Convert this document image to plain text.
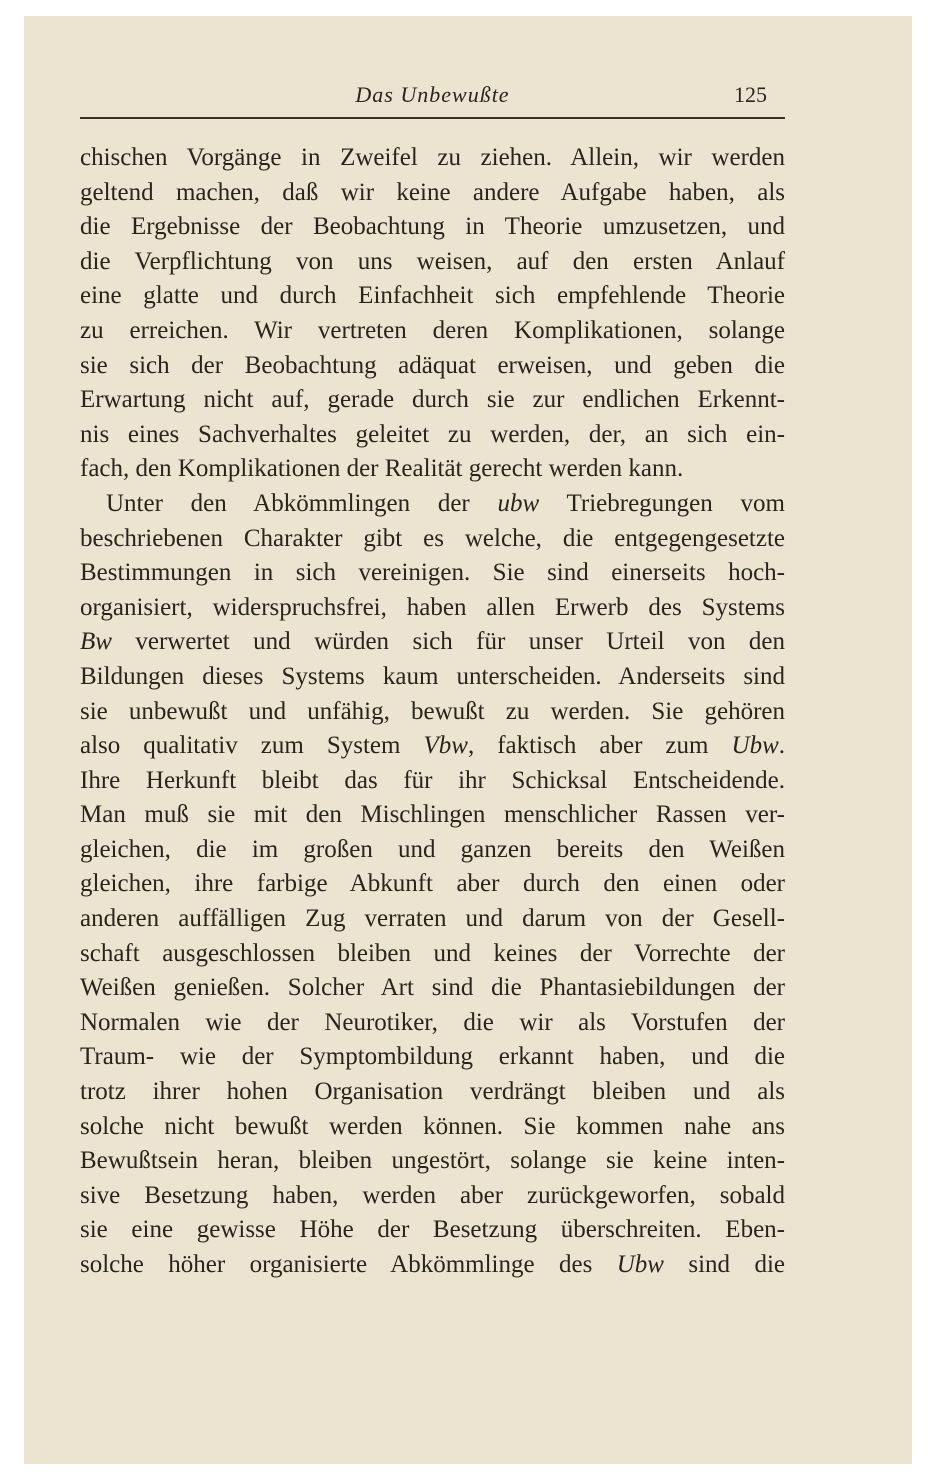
Das Unbewußte	125
chischen Vorgänge in Zweifel zu ziehen. Allein, wir werden
geltend machen, daß wir keine andere Aufgabe haben, als
die Ergebnisse der Beobachtung in Theorie umzusetzen, und
die Verpflichtung von uns weisen, auf den ersten Anlauf
eine glatte und durch Einfachheit sich empfehlende Theorie
zu erreichen. Wir vertreten deren Komplikationen, solange
sie sich der Beobachtung adäquat erweisen, und geben die
Erwartung nicht auf, gerade durch sie zur endlichen Erkennt-
nis eines Sachverhaltes geleitet zu werden, der, an sich ein-
fach, den Komplikationen der Realität gerecht werden kann.
Unter den Abkömmlingen der ubw Triebregungen vom
beschriebenen Charakter gibt es welche, die entgegengesetzte
Bestimmungen in sich vereinigen. Sie sind einerseits hoch-
organisiert, widerspruchsfrei, haben allen Erwerb des Systems
Bw verwertet und würden sich für unser Urteil von den
Bildungen dieses Systems kaum unterscheiden. Anderseits sind
sie unbewußt und unfähig, bewußt zu werden. Sie gehören
also qualitativ zum System Vbw, faktisch aber zum Ubw.
Ihre Herkunft bleibt das für ihr Schicksal Entscheidende.
Man muß sie mit den Mischlingen menschlicher Rassen ver-
gleichen, die im großen und ganzen bereits den Weißen
gleichen, ihre farbige Abkunft aber durch den einen oder
anderen auffälligen Zug verraten und darum von der Gesell-
schaft ausgeschlossen bleiben und keines der Vorrechte der
Weißen genießen. Solcher Art sind die Phantasiebildungen der
Normalen wie der Neurotiker, die wir als Vorstufen der
Traum- wie der Symptombildung erkannt haben, und die
trotz ihrer hohen Organisation verdrängt bleiben und als
solche nicht bewußt werden können. Sie kommen nahe ans
Bewußtsein heran, bleiben ungestört, solange sie keine inten-
sive Besetzung haben, werden aber zurückgeworfen, sobald
sie eine gewisse Höhe der Besetzung überschreiten. Eben-
solche höher organisierte Abkömmlinge des Ubw sind die
